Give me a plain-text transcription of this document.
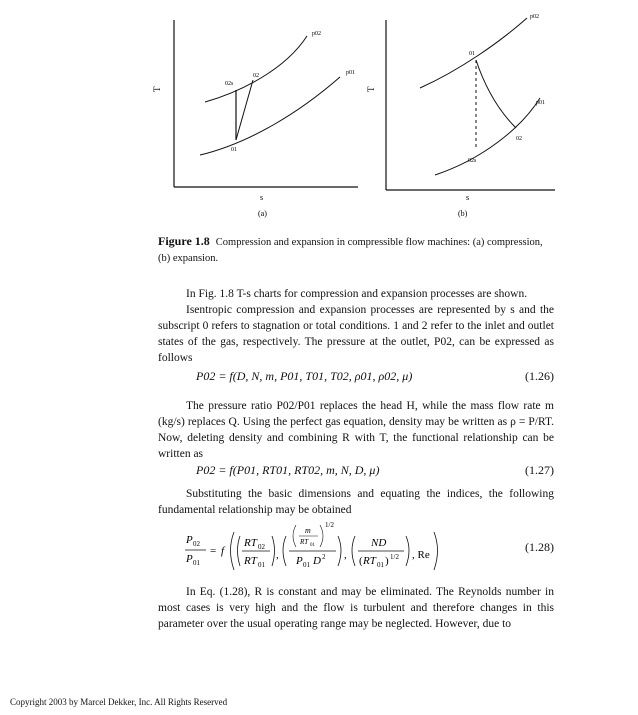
T
s
(a)
p02
p01
02s
02
01
T
s
(b)
p02
p01
01
02
02s
Figure 1.8 Compression and expansion in compressible flow machines: (a) compression, (b) expansion.

In Fig. 1.8 T-s charts for compression and expansion processes are shown.

Isentropic compression and expansion processes are represented by s and the subscript 0 refers to stagnation or total conditions. 1 and 2 refer to the inlet and outlet states of the gas, respectively. The pressure at the outlet, P02, can be expressed as follows

P02 = f(D, N, m, P01, T01, T02, ρ01, ρ02, μ)	(1.26)

The pressure ratio P02/P01 replaces the head H, while the mass flow rate m (kg/s) replaces Q. Using the perfect gas equation, density may be written as ρ = P/RT. Now, deleting density and combining R with T, the functional relationship can be written as

P02 = f(P01, RT01, RT02, m, N, D, μ)	(1.27)

Substituting the basic dimensions and equating the indices, the following fundamental relationship may be obtained

P 02
P 01
= f
RT 02
RT 01
,
m
RT 01
1/2
P 01 D 2 ,
ND
( RT 01 ) 1/2 , Re
(1.28)

In Eq. (1.28), R is constant and may be eliminated. The Reynolds number in most cases is very high and the flow is turbulent and therefore changes in this parameter over the usual operating range may be neglected. However, due to

Copyright 2003 by Marcel Dekker, Inc. All Rights Reserved
